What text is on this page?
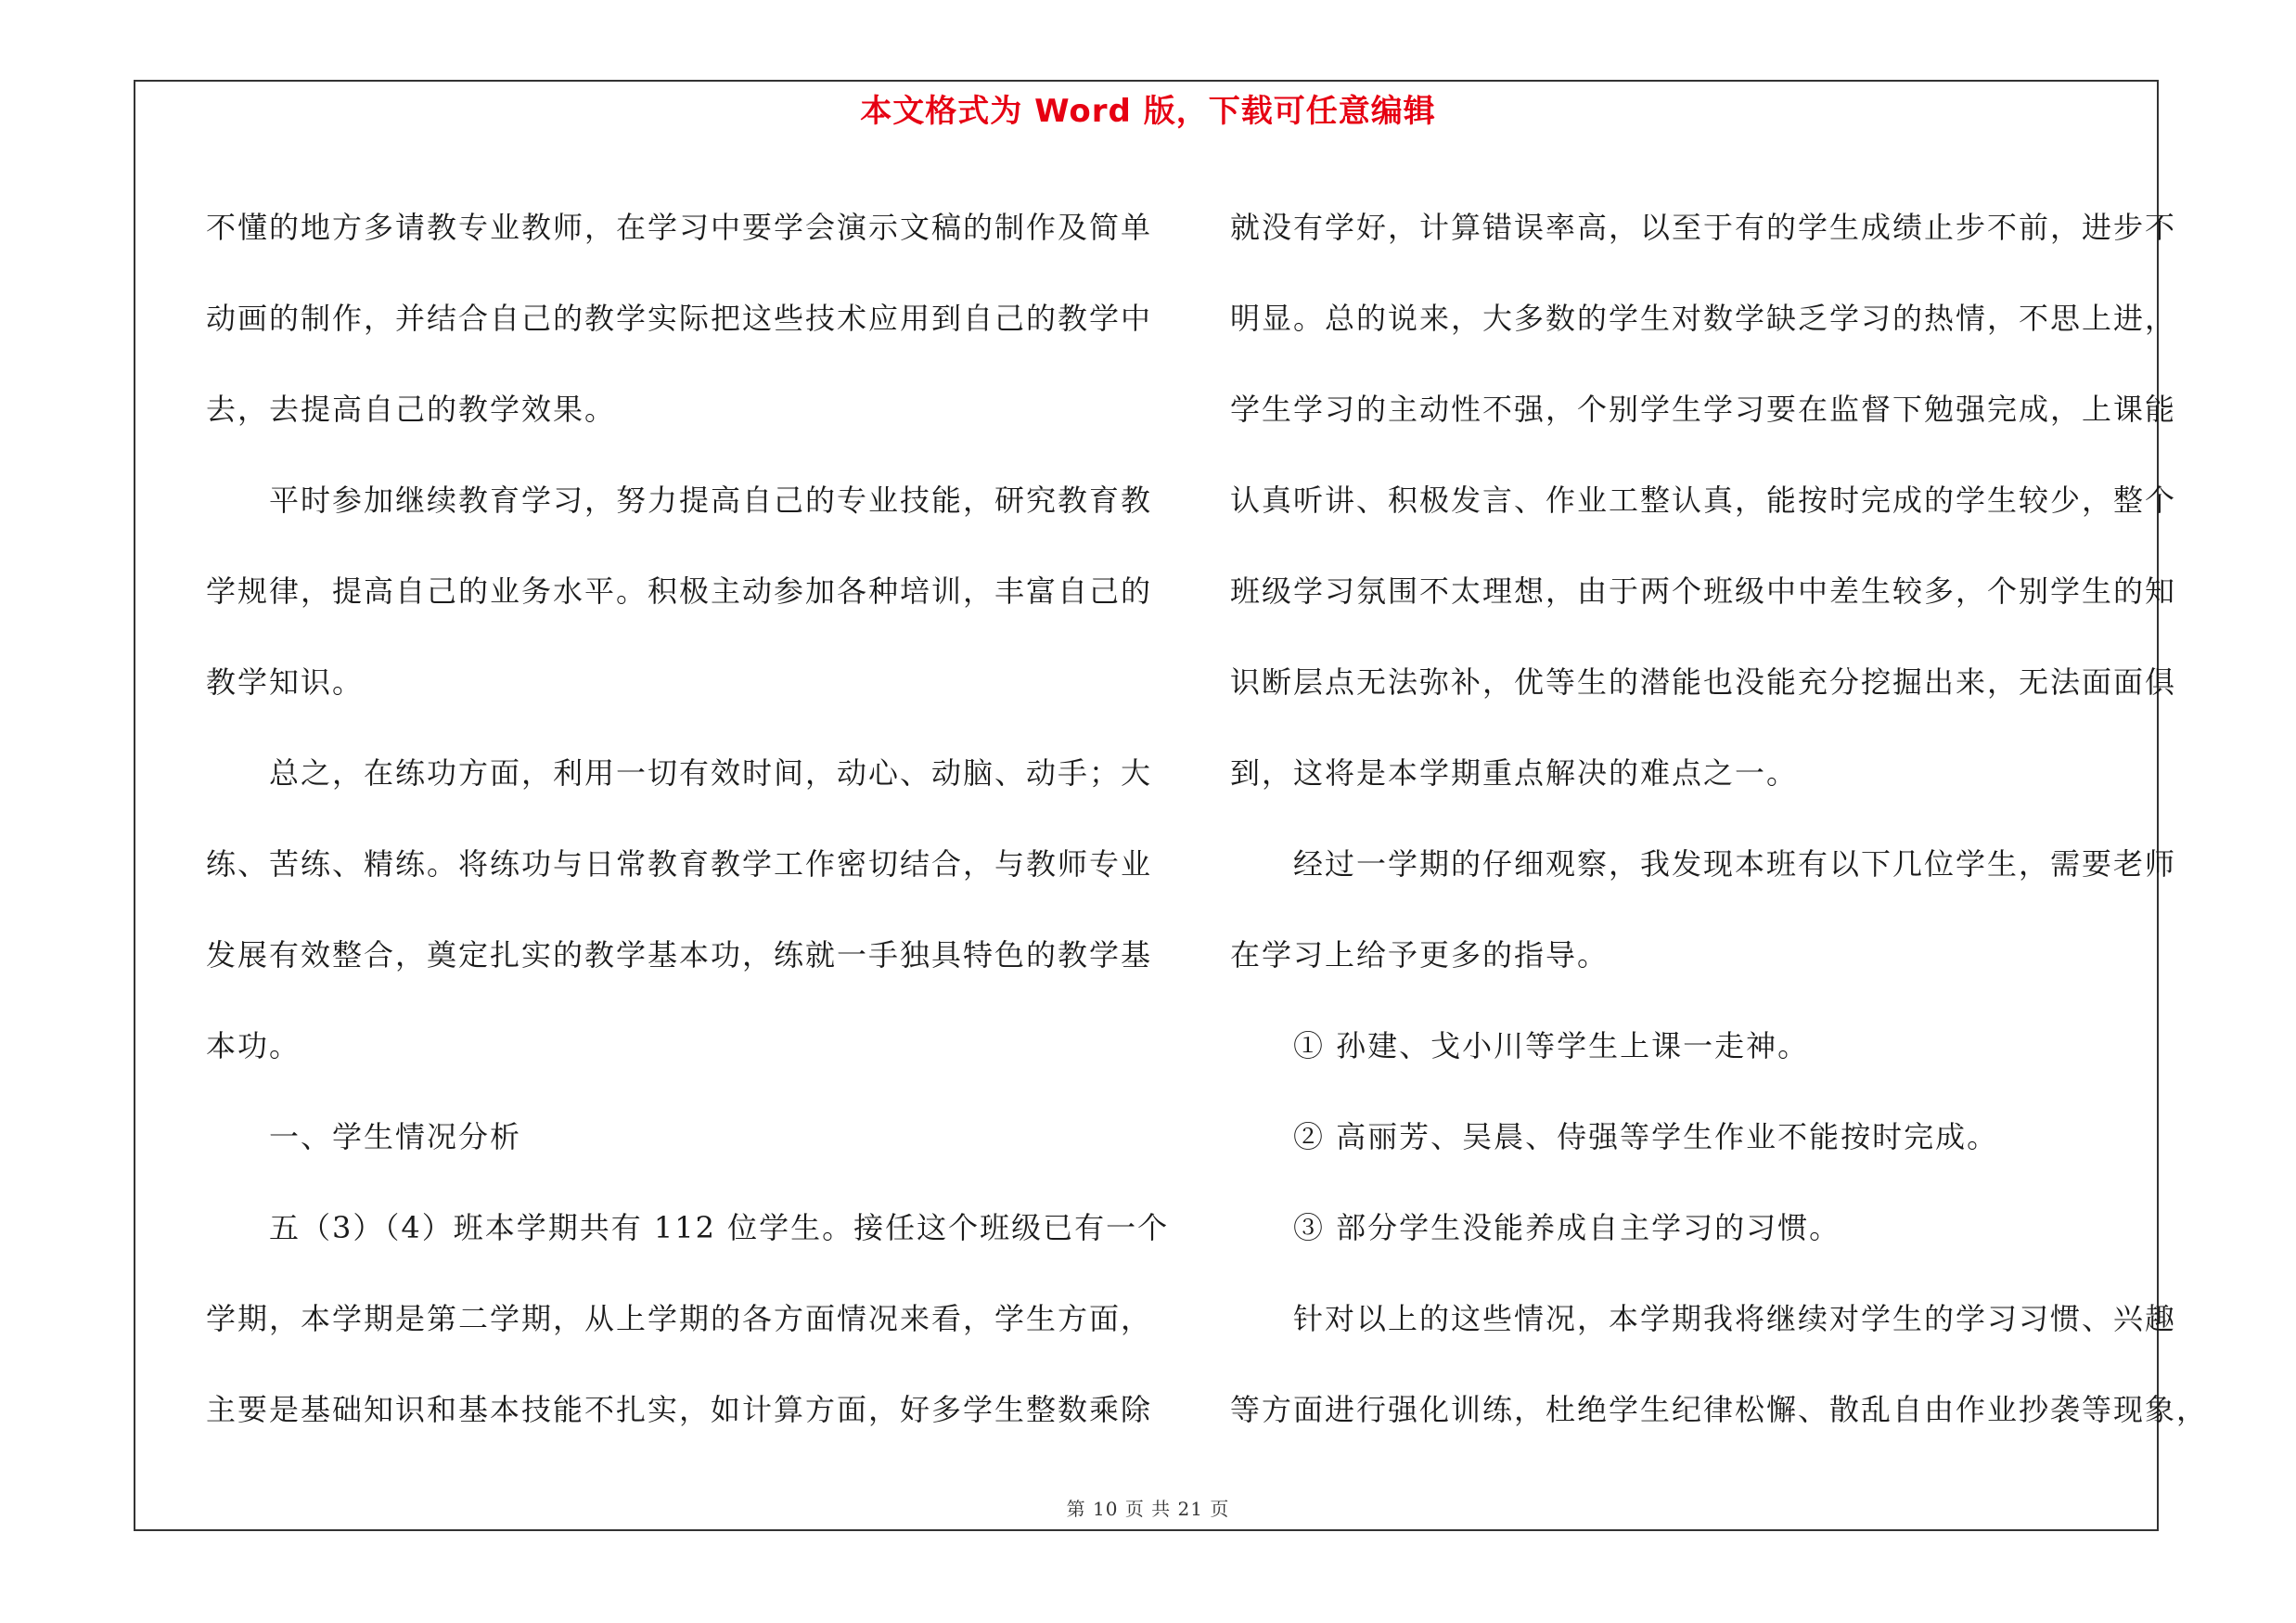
本文格式为 Word 版，下载可任意编辑
不懂的地方多请教专业教师，在学习中要学会演示文稿的制作及简单
动画的制作，并结合自己的教学实际把这些技术应用到自己的教学中
去，去提高自己的教学效果。
平时参加继续教育学习，努力提高自己的专业技能，研究教育教
学规律，提高自己的业务水平。积极主动参加各种培训，丰富自己的
教学知识。
总之，在练功方面，利用一切有效时间，动心、动脑、动手；大
练、苦练、精练。将练功与日常教育教学工作密切结合，与教师专业
发展有效整合，奠定扎实的教学基本功，练就一手独具特色的教学基
本功。
一、学生情况分析
五（3）（4）班本学期共有 112 位学生。接任这个班级已有一个
学期，本学期是第二学期，从上学期的各方面情况来看，学生方面，
主要是基础知识和基本技能不扎实，如计算方面，好多学生整数乘除
就没有学好，计算错误率高，以至于有的学生成绩止步不前，进步不
明显。总的说来，大多数的学生对数学缺乏学习的热情，不思上进，
学生学习的主动性不强，个别学生学习要在监督下勉强完成，上课能
认真听讲、积极发言、作业工整认真，能按时完成的学生较少，整个
班级学习氛围不太理想，由于两个班级中中差生较多，个别学生的知
识断层点无法弥补，优等生的潜能也没能充分挖掘出来，无法面面俱
到，这将是本学期重点解决的难点之一。
经过一学期的仔细观察，我发现本班有以下几位学生，需要老师
在学习上给予更多的指导。
① 孙建、戈小川等学生上课一走神。
② 高丽芳、吴晨、侍强等学生作业不能按时完成。
③ 部分学生没能养成自主学习的习惯。
针对以上的这些情况，本学期我将继续对学生的学习习惯、兴趣
等方面进行强化训练，杜绝学生纪律松懈、散乱自由作业抄袭等现象，
第 10 页 共 21 页
